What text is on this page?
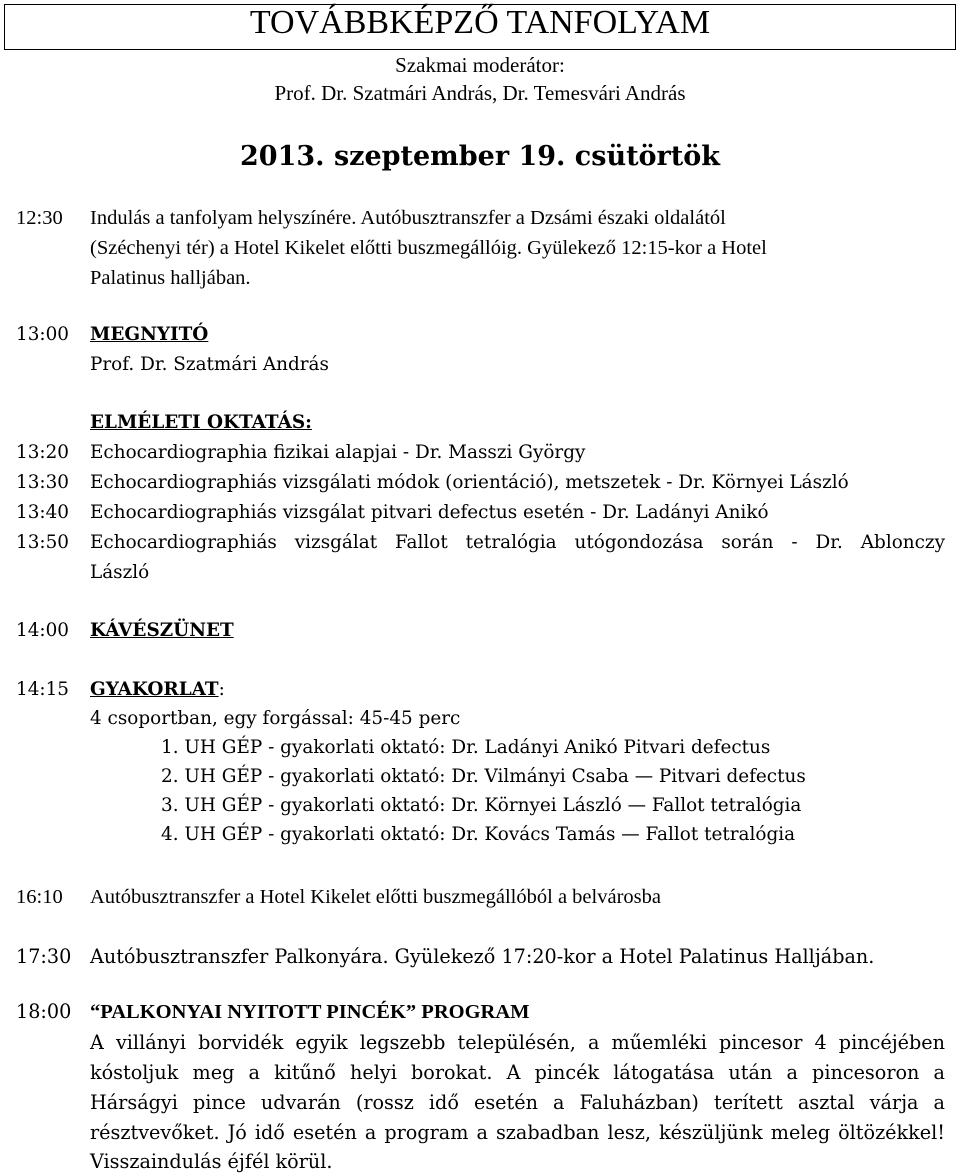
TOVÁBBKÉPZŐ TANFOLYAM
Szakmai moderátor:
Prof. Dr. Szatmári András, Dr. Temesvári András
2013. szeptember 19. csütörtök
12:30 Indulás a tanfolyam helyszínére. Autóbusztranszfer a Dzsámi északi oldalától
(Széchenyi tér) a Hotel Kikelet előtti buszmegállóig. Gyülekező 12:15-kor a Hotel
Palatinus halljában.
13:00 MEGNYITÓ
Prof. Dr. Szatmári András
ELMÉLETI OKTATÁS:
13:20 Echocardiographia fizikai alapjai - Dr. Masszi György
13:30 Echocardiographiás vizsgálati módok (orientáció), metszetek - Dr. Környei László
13:40 Echocardiographiás vizsgálat pitvari defectus esetén - Dr. Ladányi Anikó
13:50 Echocardiographiás vizsgálat Fallot tetralógia utógondozása során - Dr. Ablonczy
László
14:00 KÁVÉSZÜNET
14:15 GYAKORLAT:
4 csoportban, egy forgással: 45-45 perc
1. UH GÉP - gyakorlati oktató: Dr. Ladányi Anikó Pitvari defectus
2. UH GÉP - gyakorlati oktató: Dr. Vilmányi Csaba — Pitvari defectus
3. UH GÉP - gyakorlati oktató: Dr. Környei László — Fallot tetralógia
4. UH GÉP - gyakorlati oktató: Dr. Kovács Tamás — Fallot tetralógia
16:10 Autóbusztranszfer a Hotel Kikelet előtti buszmegállóból a belvárosba
17:30 Autóbusztranszfer Palkonyára. Gyülekező 17:20-kor a Hotel Palatinus Halljában.
18:00 “PALKONYAI NYITOTT PINCÉK” PROGRAM
A villányi borvidék egyik legszebb településén, a műemléki pincesor 4 pincéjében
kóstoljuk meg a kitűnő helyi borokat. A pincék látogatása után a pincesoron a
Hárságyi pince udvarán (rossz idő esetén a Faluházban) terített asztal várja a
résztvevőket. Jó idő esetén a program a szabadban lesz, készüljünk meleg öltözékkel!
Visszaindulás éjfél körül.
